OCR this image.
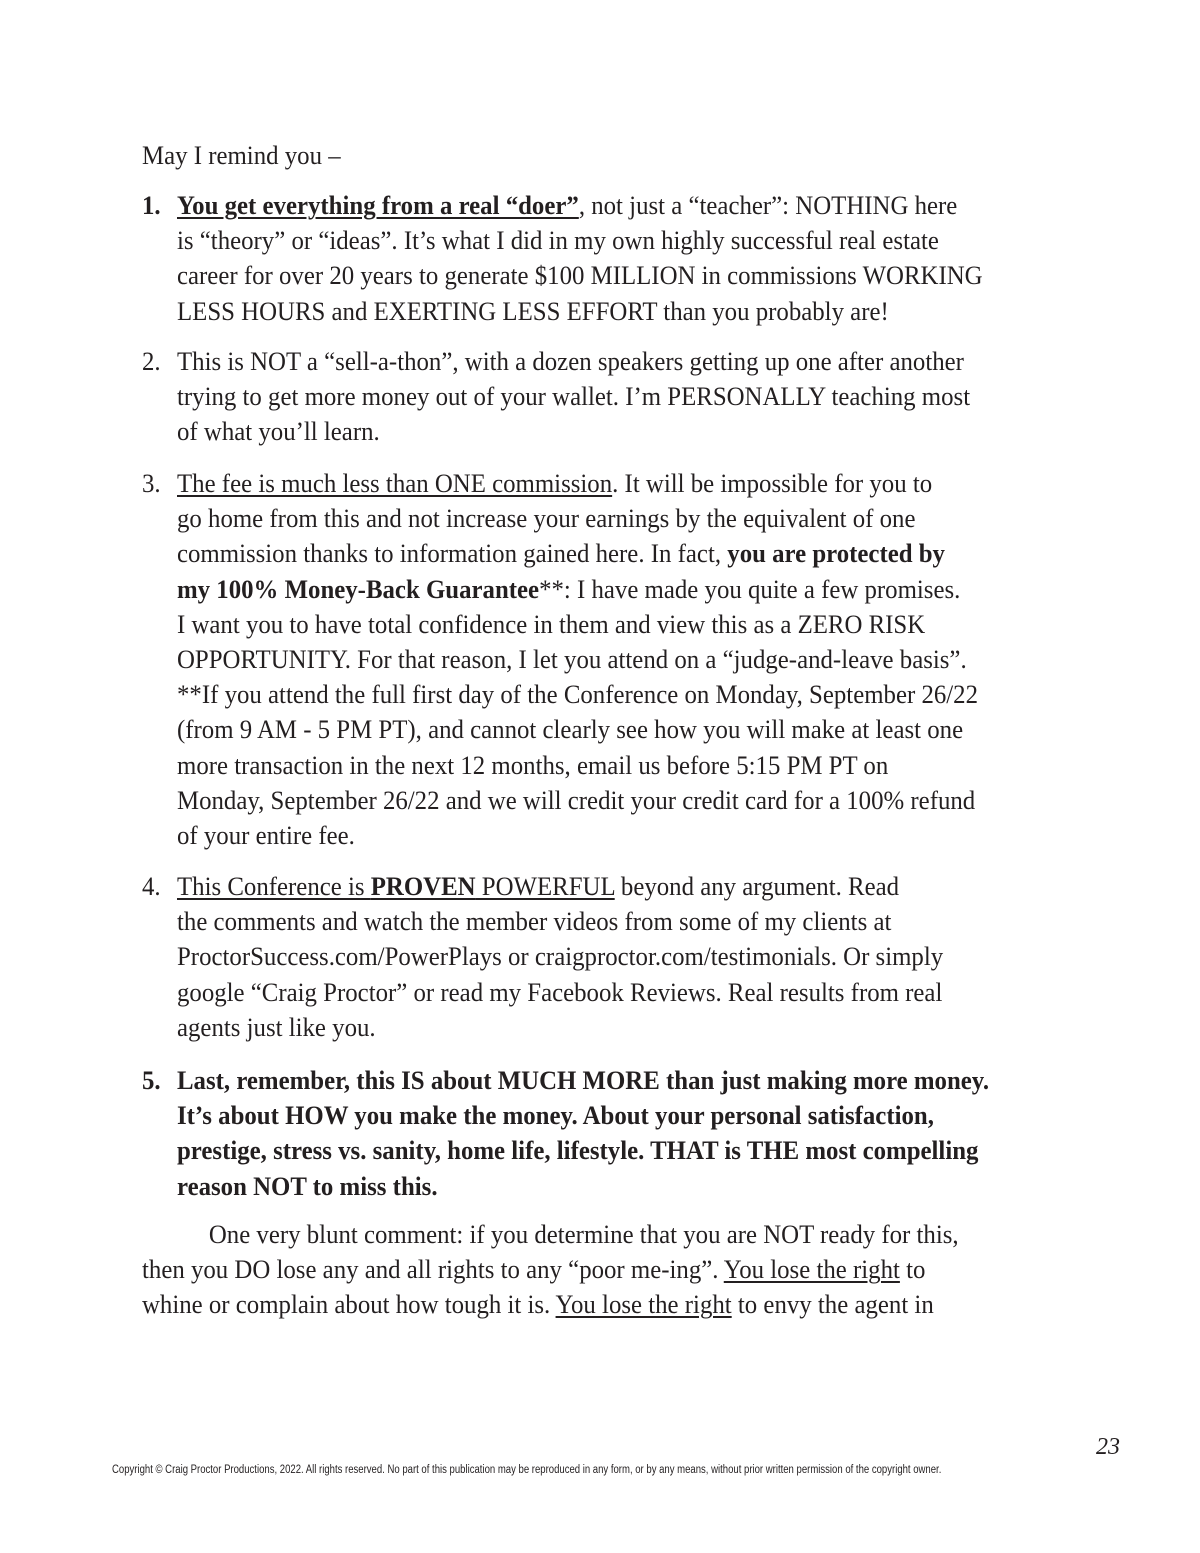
May I remind you –
1. You get everything from a real “doer”, not just a “teacher”: NOTHING here
is “theory” or “ideas”. It’s what I did in my own highly successful real estate
career for over 20 years to generate $100 MILLION in commissions WORKING
LESS HOURS and EXERTING LESS EFFORT than you probably are!
2. This is NOT a “sell-a-thon”, with a dozen speakers getting up one after another
trying to get more money out of your wallet. I’m PERSONALLY teaching most
of what you’ll learn.
3. The fee is much less than ONE commission. It will be impossible for you to
go home from this and not increase your earnings by the equivalent of one
commission thanks to information gained here. In fact, you are protected by
my 100% Money-Back Guarantee**: I have made you quite a few promises.
I want you to have total confidence in them and view this as a ZERO RISK
OPPORTUNITY. For that reason, I let you attend on a “judge-and-leave basis”.
**If you attend the full first day of the Conference on Monday, September 26/22
(from 9 AM - 5 PM PT), and cannot clearly see how you will make at least one
more transaction in the next 12 months, email us before 5:15 PM PT on
Monday, September 26/22 and we will credit your credit card for a 100% refund
of your entire fee.
4. This Conference is PROVEN POWERFUL beyond any argument. Read
the comments and watch the member videos from some of my clients at
ProctorSuccess.com/PowerPlays or craigproctor.com/testimonials. Or simply
google “Craig Proctor” or read my Facebook Reviews. Real results from real
agents just like you.
5. Last, remember, this IS about MUCH MORE than just making more money.
It’s about HOW you make the money. About your personal satisfaction,
prestige, stress vs. sanity, home life, lifestyle. THAT is THE most compelling
reason NOT to miss this.
One very blunt comment: if you determine that you are NOT ready for this,
then you DO lose any and all rights to any “poor me-ing”. You lose the right to
whine or complain about how tough it is. You lose the right to envy the agent in
23
Copyright © Craig Proctor Productions, 2022. All rights reserved. No part of this publication may be reproduced in any form, or by any means, without prior written permission of the copyright owner.
